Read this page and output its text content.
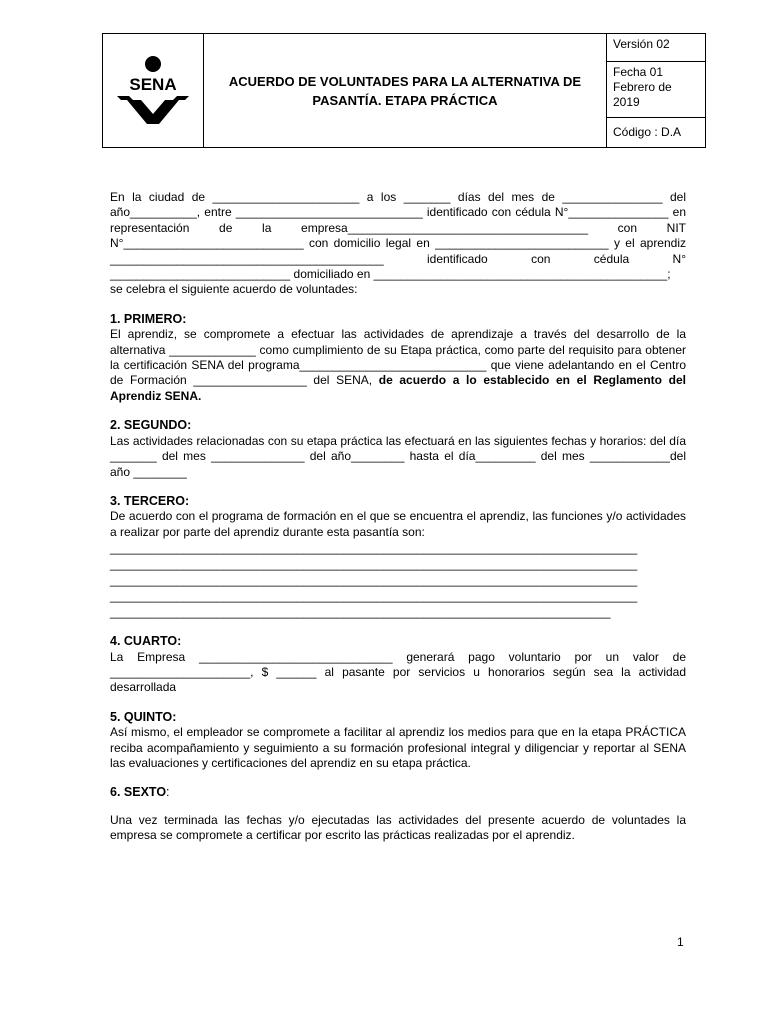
SENA	ACUERDO DE VOLUNTADES PARA LA ALTERNATIVA DE PASANTÍA. ETAPA PRÁCTICA	Versión 02
Fecha 01 Febrero de 2019
Código : D.A

En la ciudad de ______________________ a los _______ días del mes de _______________ del año__________, entre ____________________________ identificado con cédula N°_______________ en representación de la empresa____________________________________ con NIT N°___________________________ con domicilio legal en __________________________ y el aprendiz _________________________________________ identificado con cédula N° ___________________________ domiciliado en ____________________________________________;

se celebra el siguiente acuerdo de voluntades:

1. PRIMERO:

El aprendiz, se compromete a efectuar las actividades de aprendizaje a través del desarrollo de la alternativa _____________ como cumplimiento de su Etapa práctica, como parte del requisito para obtener la certificación SENA del programa____________________________ que viene adelantando en el Centro de Formación _________________ del SENA, de acuerdo a lo establecido en el Reglamento del Aprendiz SENA.

2. SEGUNDO:

Las actividades relacionadas con su etapa práctica las efectuará en las siguientes fechas y horarios: del día _______ del mes ______________ del año________ hasta el día_________ del mes ____________del año ________

3. TERCERO:

De acuerdo con el programa de formación en el que se encuentra el aprendiz, las funciones y/o actividades a realizar por parte del aprendiz durante esta pasantía son:

_______________________________________________________________________________

_______________________________________________________________________________

_______________________________________________________________________________

_______________________________________________________________________________

___________________________________________________________________________

4. CUARTO:

La Empresa _____________________________ generará pago voluntario por un valor de _____________________, $ ______ al pasante por servicios u honorarios según sea la actividad desarrollada

5. QUINTO:

Así mismo, el empleador se compromete a facilitar al aprendiz los medios para que en la etapa PRÁCTICA reciba acompañamiento y seguimiento a su formación profesional integral y diligenciar y reportar al SENA las evaluaciones y certificaciones del aprendiz en su etapa práctica.

6. SEXTO:

Una vez terminada las fechas y/o ejecutadas las actividades del presente acuerdo de voluntades la empresa se compromete a certificar por escrito las prácticas realizadas por el aprendiz.

1
